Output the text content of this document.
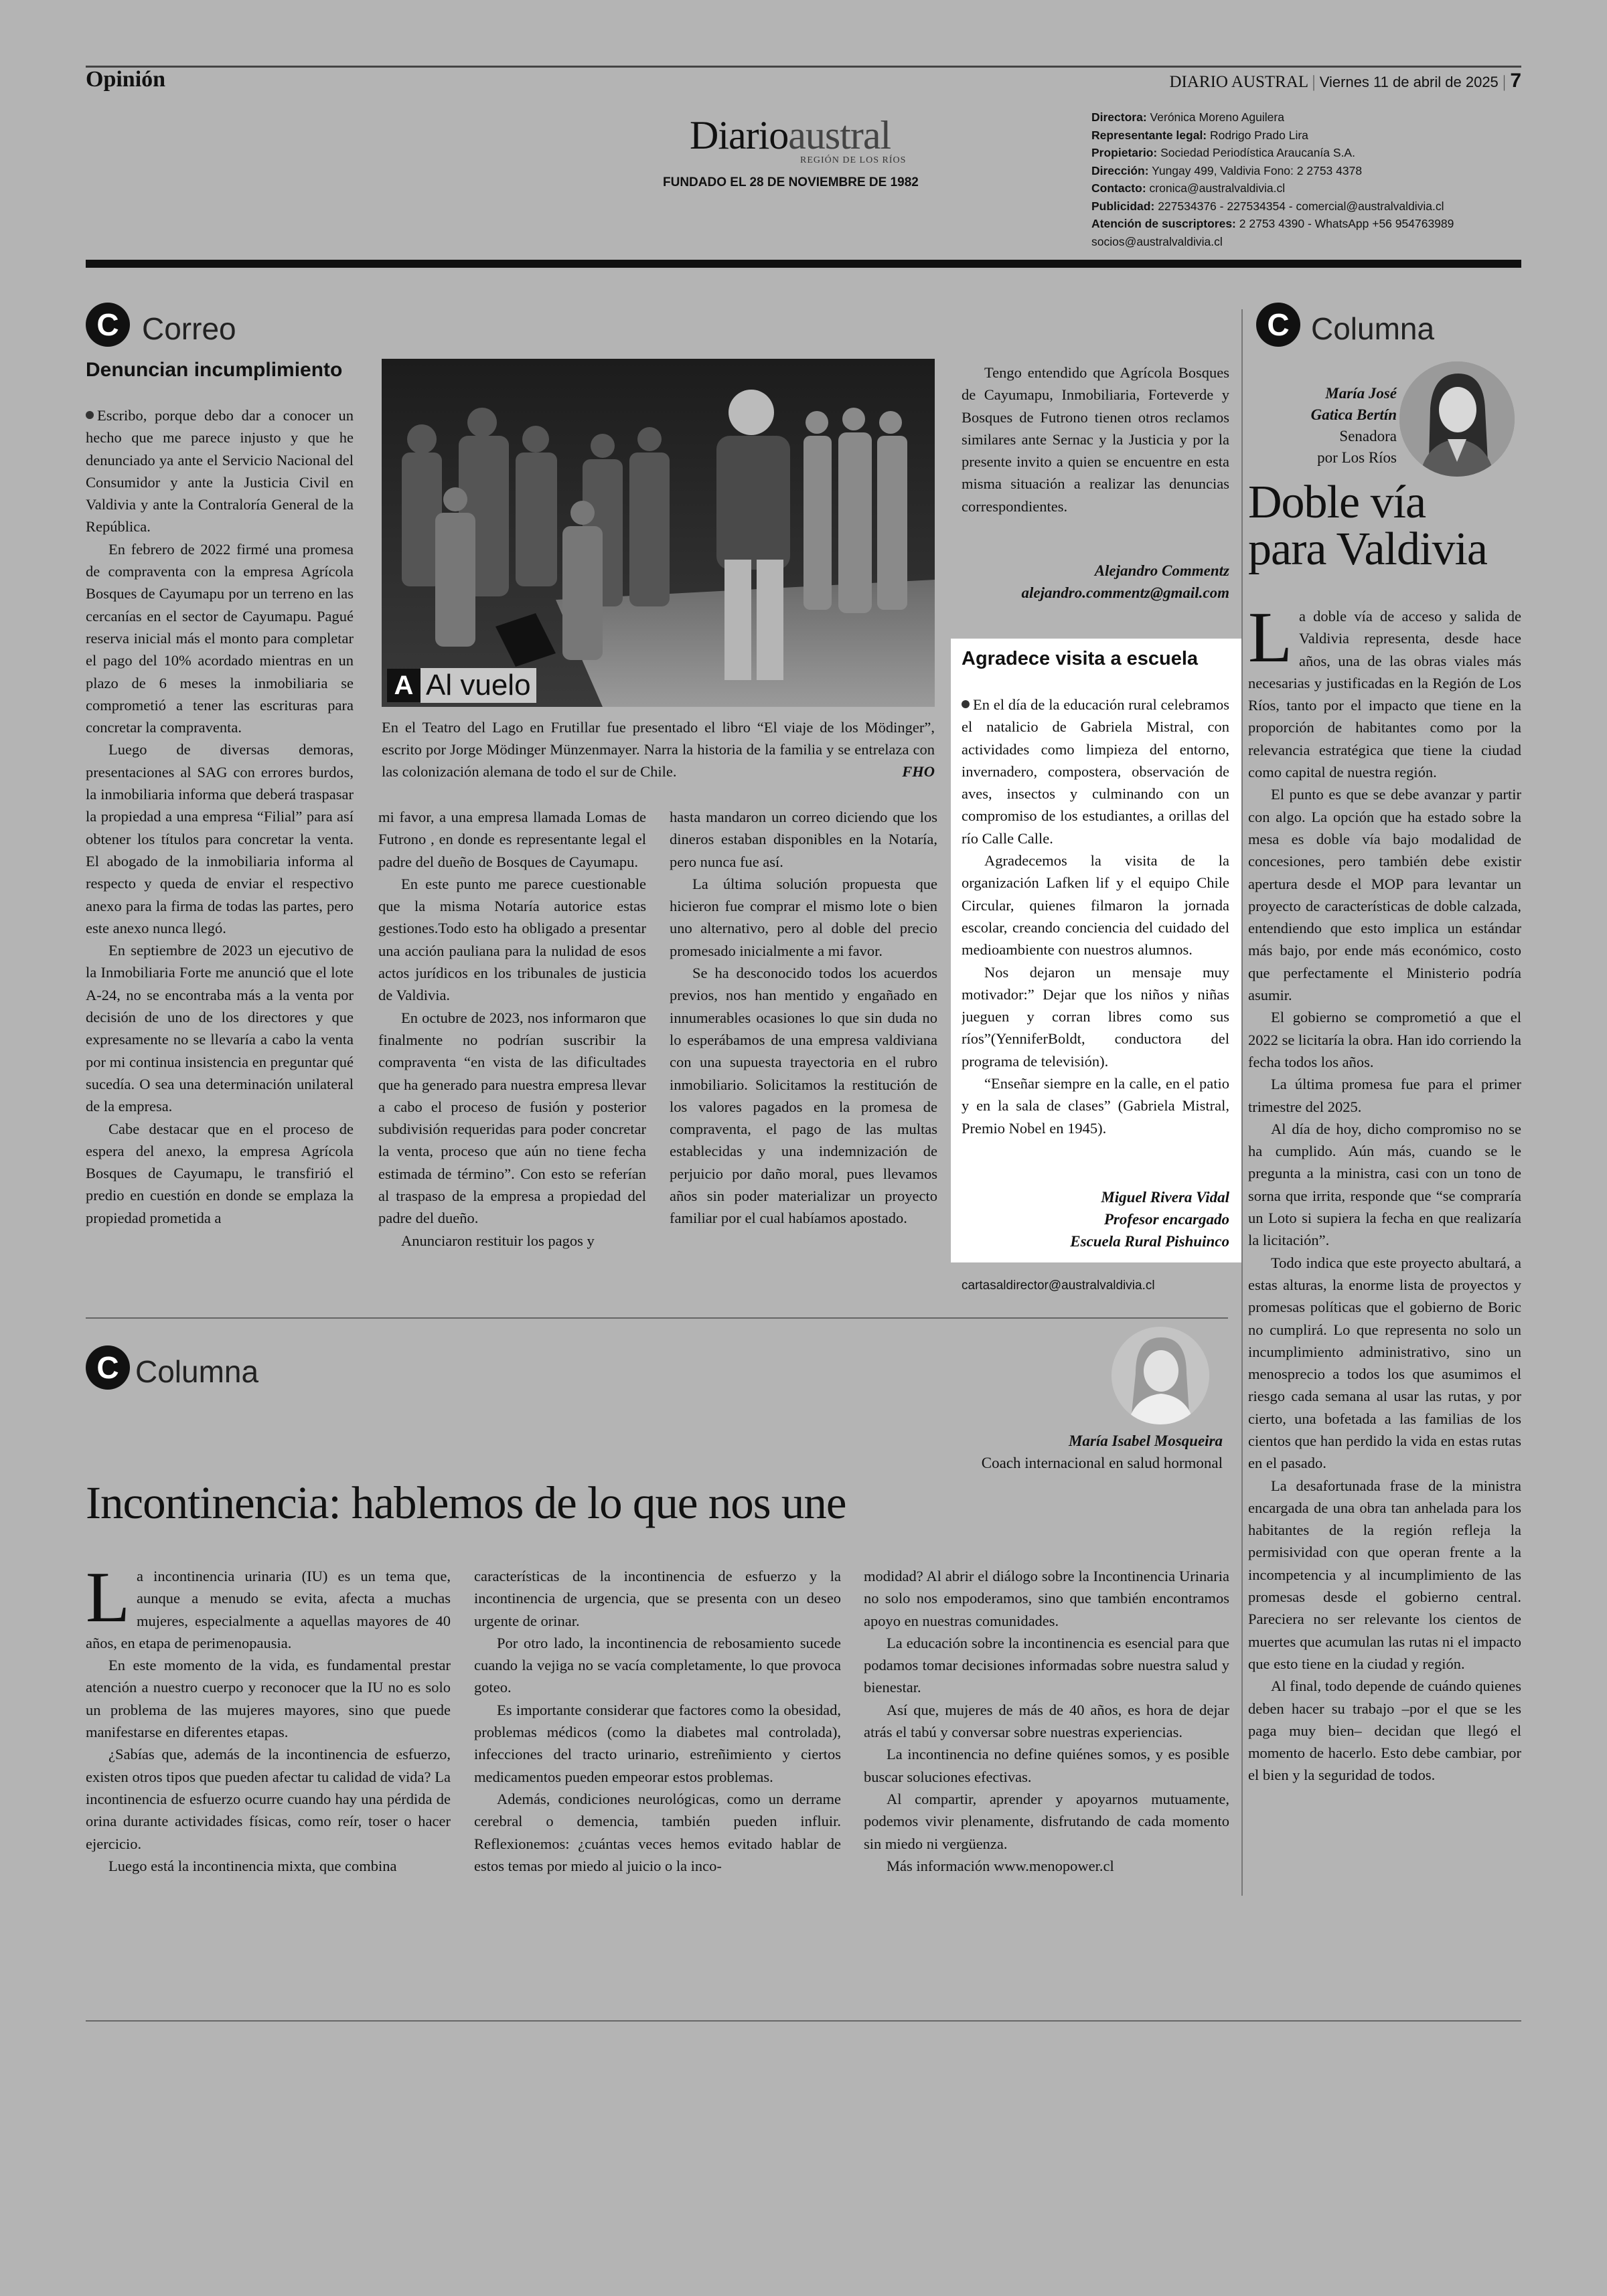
Opinión	DIARIO AUSTRAL | Viernes 11 de abril de 2025 | 7
Diarioaustral
REGIÓN DE LOS RÍOS
FUNDADO EL 28 DE NOVIEMBRE DE 1982
Directora: Verónica Moreno Aguilera
Representante legal: Rodrigo Prado Lira
Propietario: Sociedad Periodística Araucanía S.A.
Dirección: Yungay 499, Valdivia Fono: 2 2753 4378
Contacto: cronica@australvaldivia.cl
Publicidad: 227534376 - 227534354 - comercial@australvaldivia.cl
Atención de suscriptores: 2 2753 4390 - WhatsApp +56 954763989
socios@australvaldivia.cl
C Correo
Denuncian incumplimiento

Escribo, porque debo dar a conocer un hecho que me parece injusto y que he denunciado ya ante el Servicio Nacional del Consumidor y ante la Justicia Civil en Valdivia y ante la Contraloría General de la República.

En febrero de 2022 firmé una promesa de compraventa con la empresa Agrícola Bosques de Cayumapu por un terreno en las cercanías en el sector de Cayumapu. Pagué reserva inicial más el monto para completar el pago del 10% acordado mientras en un plazo de 6 meses la inmobiliaria se comprometió a tener las escrituras para concretar la compraventa.

Luego de diversas demoras, presentaciones al SAG con errores burdos, la inmobiliaria informa que deberá traspasar la propiedad a una empresa “Filial” para así obtener los títulos para concretar la venta. El abogado de la inmobiliaria informa al respecto y queda de enviar el respectivo anexo para la firma de todas las partes, pero este anexo nunca llegó.

En septiembre de 2023 un ejecutivo de la Inmobiliaria Forte me anunció que el lote A-24, no se encontraba más a la venta por decisión de uno de los directores y que expresamente no se llevaría a cabo la venta por mi continua insistencia en preguntar qué sucedía. O sea una determinación unilateral de la empresa.

Cabe destacar que en el proceso de espera del anexo, la empresa Agrícola Bosques de Cayumapu, le transfirió el predio en cuestión en donde se emplaza la propiedad prometida a

A Al vuelo
En el Teatro del Lago en Frutillar fue presentado el libro “El viaje de los Mödinger”, escrito por Jorge Mödinger Münzenmayer. Narra la historia de la familia y se entrelaza con las colonización alemana de todo el sur de Chile.	FHO

mi favor, a una empresa llamada Lomas de Futrono , en donde es representante legal el padre del dueño de Bosques de Cayumapu.

En este punto me parece cuestionable que la misma Notaría autorice estas gestiones.Todo esto ha obligado a presentar una acción pauliana para la nulidad de esos actos jurídicos en los tribunales de justicia de Valdivia.

En octubre de 2023, nos informaron que finalmente no podrían suscribir la compraventa “en vista de las dificultades que ha generado para nuestra empresa llevar a cabo el proceso de fusión y posterior subdivisión requeridas para poder concretar la venta, proceso que aún no tiene fecha estimada de término”. Con esto se referían al traspaso de la empresa a propiedad del padre del dueño.

Anunciaron restituir los pagos y

hasta mandaron un correo diciendo que los dineros estaban disponibles en la Notaría, pero nunca fue así.

La última solución propuesta que hicieron fue comprar el mismo lote o bien uno alternativo, pero al doble del precio promesado inicialmente a mi favor.

Se ha desconocido todos los acuerdos previos, nos han mentido y engañado en innumerables ocasiones lo que sin duda no lo esperábamos de una empresa valdiviana con una supuesta trayectoria en el rubro inmobiliario. Solicitamos la restitución de los valores pagados en la promesa de compraventa, el pago de las multas establecidas y una indemnización de perjuicio por daño moral, pues llevamos años sin poder materializar un proyecto familiar por el cual habíamos apostado.

Tengo entendido que Agrícola Bosques de Cayumapu, Inmobiliaria, Forteverde y Bosques de Futrono tienen otros reclamos similares ante Sernac y la Justicia y por la presente invito a quien se encuentre en esta misma situación a realizar las denuncias correspondientes.

Alejandro Commentz
alejandro.commentz@gmail.com
Agradece visita a escuela

En el día de la educación rural celebramos el natalicio de Gabriela Mistral, con actividades como limpieza del entorno, invernadero, compostera, observación de aves, insectos y culminando con un compromiso de los estudiantes, a orillas del río Calle Calle.

Agradecemos la visita de la organización Lafken lif y el equipo Chile Circular, quienes filmaron la jornada escolar, creando conciencia del cuidado del medioambiente con nuestros alumnos.

Nos dejaron un mensaje muy motivador:” Dejar que los niños y niñas jueguen y corran libres como sus ríos”(YenniferBoldt, conductora del programa de televisión).

“Enseñar siempre en la calle, en el patio y en la sala de clases” (Gabriela Mistral, Premio Nobel en 1945).

Miguel Rivera Vidal
Profesor encargado
Escuela Rural Pishuinco
cartasaldirector@australvaldivia.cl
C Columna
María José
Gatica Bertín
Senadora
por Los Ríos
Doble vía
para Valdivia

La doble vía de acceso y salida de Valdivia representa, desde hace años, una de las obras viales más necesarias y justificadas en la Región de Los Ríos, tanto por el impacto que tiene en la proporción de habitantes como por la relevancia estratégica que tiene la ciudad como capital de nuestra región.

El punto es que se debe avanzar y partir con algo. La opción que ha estado sobre la mesa es doble vía bajo modalidad de concesiones, pero también debe existir apertura desde el MOP para levantar un proyecto de características de doble calzada, entendiendo que esto implica un estándar más bajo, por ende más económico, costo que perfectamente el Ministerio podría asumir.

El gobierno se comprometió a que el 2022 se licitaría la obra. Han ido corriendo la fecha todos los años.

La última promesa fue para el primer trimestre del 2025.

Al día de hoy, dicho compromiso no se ha cumplido. Aún más, cuando se le pregunta a la ministra, casi con un tono de sorna que irrita, responde que “se compraría un Loto si supiera la fecha en que realizaría la licitación”.

Todo indica que este proyecto abultará, a estas alturas, la enorme lista de proyectos y promesas políticas que el gobierno de Boric no cumplirá. Lo que representa no solo un incumplimiento administrativo, sino un menosprecio a todos los que asumimos el riesgo cada semana al usar las rutas, y por cierto, una bofetada a las familias de los cientos que han perdido la vida en estas rutas en el pasado.

La desafortunada frase de la ministra encargada de una obra tan anhelada para los habitantes de la región refleja la permisividad con que operan frente a la incompetencia y al incumplimiento de las promesas desde el gobierno central. Pareciera no ser relevante los cientos de muertes que acumulan las rutas ni el impacto que esto tiene en la ciudad y región.

Al final, todo depende de cuándo quienes deben hacer su trabajo –por el que se les paga muy bien– decidan que llegó el momento de hacerlo. Esto debe cambiar, por el bien y la seguridad de todos.

C Columna
María Isabel Mosqueira
Coach internacional en salud hormonal
Incontinencia: hablemos de lo que nos une

La incontinencia urinaria (IU) es un tema que, aunque a menudo se evita, afecta a muchas mujeres, especialmente a aquellas mayores de 40 años, en etapa de perimenopausia.

En este momento de la vida, es fundamental prestar atención a nuestro cuerpo y reconocer que la IU no es solo un problema de las mujeres mayores, sino que puede manifestarse en diferentes etapas.

¿Sabías que, además de la incontinencia de esfuerzo, existen otros tipos que pueden afectar tu calidad de vida? La incontinencia de esfuerzo ocurre cuando hay una pérdida de orina durante actividades físicas, como reír, toser o hacer ejercicio.

Luego está la incontinencia mixta, que combina

características de la incontinencia de esfuerzo y la incontinencia de urgencia, que se presenta con un deseo urgente de orinar.

Por otro lado, la incontinencia de rebosamiento sucede cuando la vejiga no se vacía completamente, lo que provoca goteo.

Es importante considerar que factores como la obesidad, problemas médicos (como la diabetes mal controlada), infecciones del tracto urinario, estreñimiento y ciertos medicamentos pueden empeorar estos problemas.

Además, condiciones neurológicas, como un derrame cerebral o demencia, también pueden influir. Reflexionemos: ¿cuántas veces hemos evitado hablar de estos temas por miedo al juicio o la inco-

modidad? Al abrir el diálogo sobre la Incontinencia Urinaria no solo nos empoderamos, sino que también encontramos apoyo en nuestras comunidades.

La educación sobre la incontinencia es esencial para que podamos tomar decisiones informadas sobre nuestra salud y bienestar.

Así que, mujeres de más de 40 años, es hora de dejar atrás el tabú y conversar sobre nuestras experiencias.

La incontinencia no define quiénes somos, y es posible buscar soluciones efectivas.

Al compartir, aprender y apoyarnos mutuamente, podemos vivir plenamente, disfrutando de cada momento sin miedo ni vergüenza.

Más información www.menopower.cl
